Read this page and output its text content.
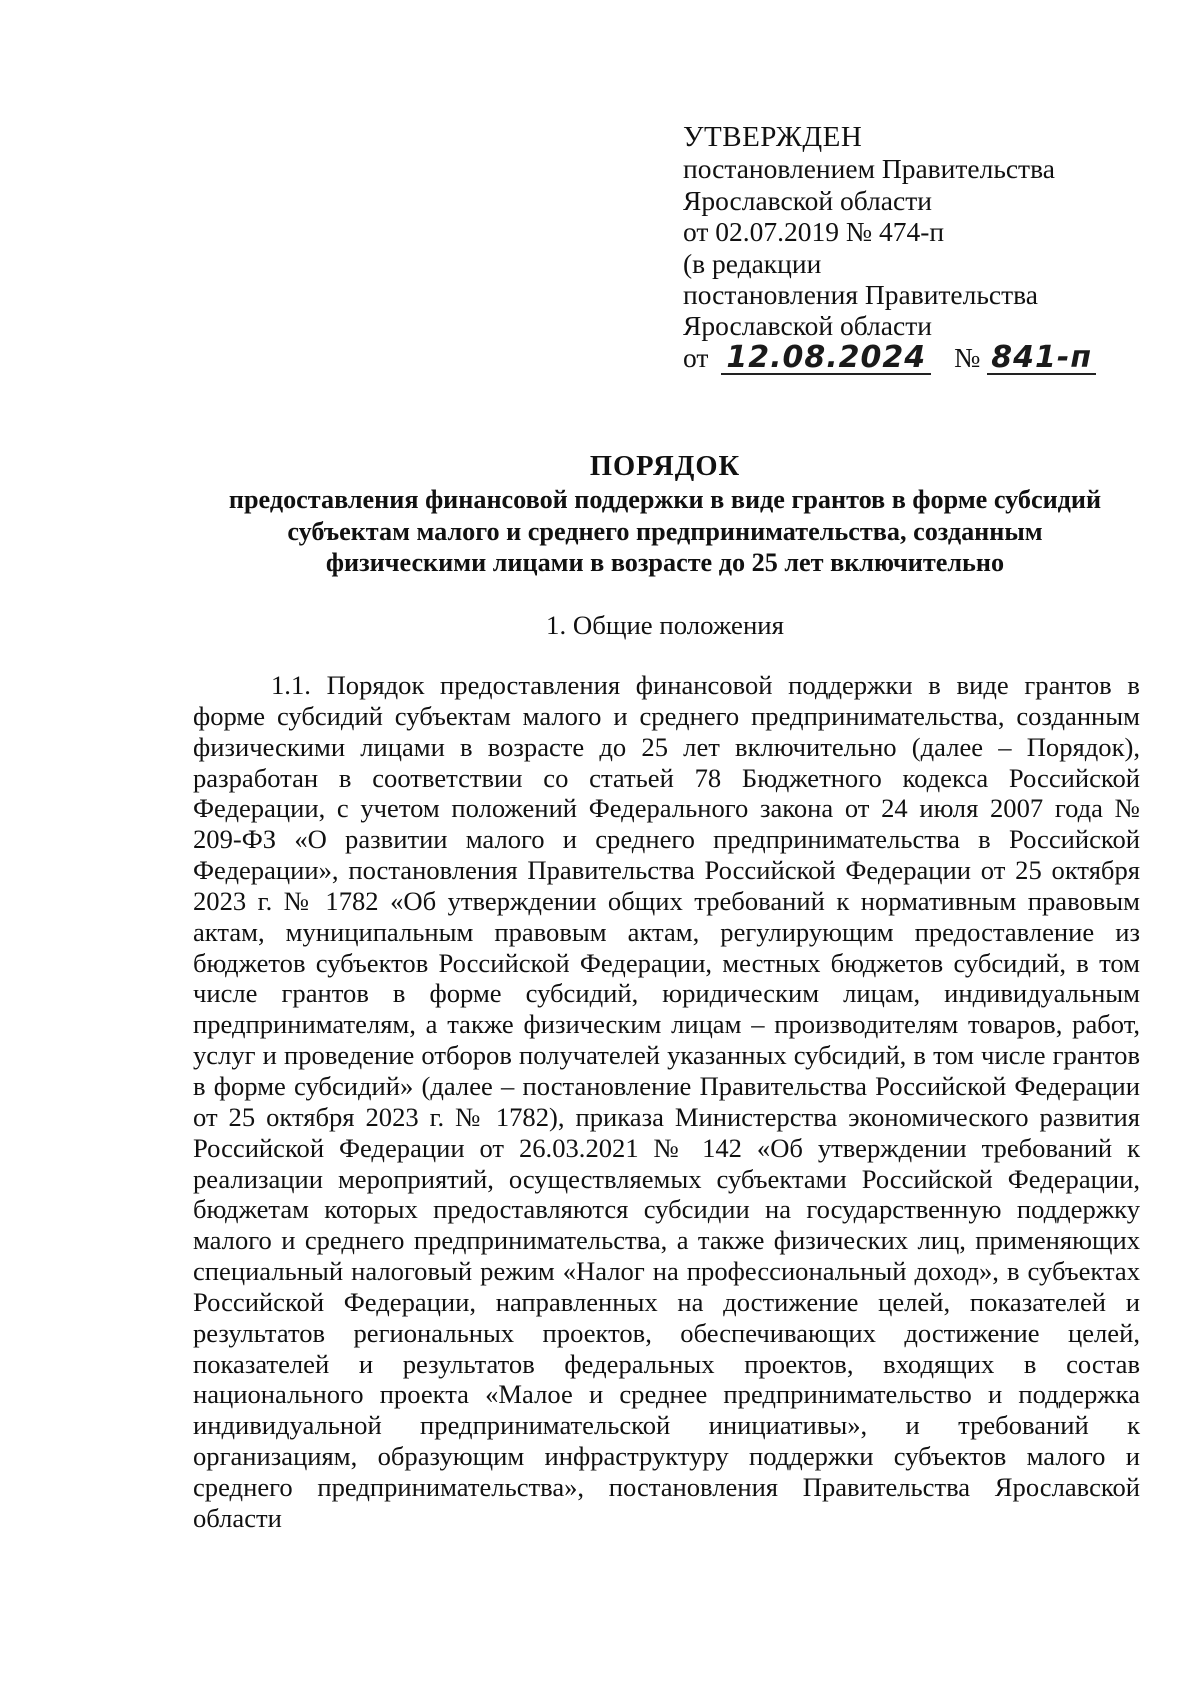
УТВЕРЖДЕН
постановлением Правительства
Ярославской области
от 02.07.2019 № 474-п
(в редакции
постановления Правительства
Ярославской области
от 12.08.2024 № 841-п
ПОРЯДОК
предоставления финансовой поддержки в виде грантов в форме субсидий
субъектам малого и среднего предпринимательства, созданным
физическими лицами в возрасте до 25 лет включительно
1. Общие положения

1.1. Порядок предоставления финансовой поддержки в виде грантов в форме субсидий субъектам малого и среднего предпринимательства, созданным физическими лицами в возрасте до 25 лет включительно (далее – Порядок), разработан в соответствии со статьей 78 Бюджетного кодекса Российской Федерации, с учетом положений Федерального закона от 24 июля 2007 года № 209-ФЗ «О развитии малого и среднего предпринимательства в Российской Федерации», постановления Правительства Российской Федерации от 25 октября 2023 г. № 1782 «Об утверждении общих требований к нормативным правовым актам, муниципальным правовым актам, регулирующим предоставление из бюджетов субъектов Российской Федерации, местных бюджетов субсидий, в том числе грантов в форме субсидий, юридическим лицам, индивидуальным предпринимателям, а также физическим лицам – производителям товаров, работ, услуг и проведение отборов получателей указанных субсидий, в том числе грантов в форме субсидий» (далее – постановление Правительства Российской Федерации от 25 октября 2023 г. № 1782), приказа Министерства экономического развития Российской Федерации от 26.03.2021 № 142 «Об утверждении требований к реализации мероприятий, осуществляемых субъектами Российской Федерации, бюджетам которых предоставляются субсидии на государственную поддержку малого и среднего предпринимательства, а также физических лиц, применяющих специальный налоговый режим «Налог на профессиональный доход», в субъектах Российской Федерации, направленных на достижение целей, показателей и результатов региональных проектов, обеспечивающих достижение целей, показателей и результатов федеральных проектов, входящих в состав национального проекта «Малое и среднее предпринимательство и поддержка индивидуальной предпринимательской инициативы», и требований к организациям, образующим инфраструктуру поддержки субъектов малого и среднего предпринимательства», постановления Правительства Ярославской области
